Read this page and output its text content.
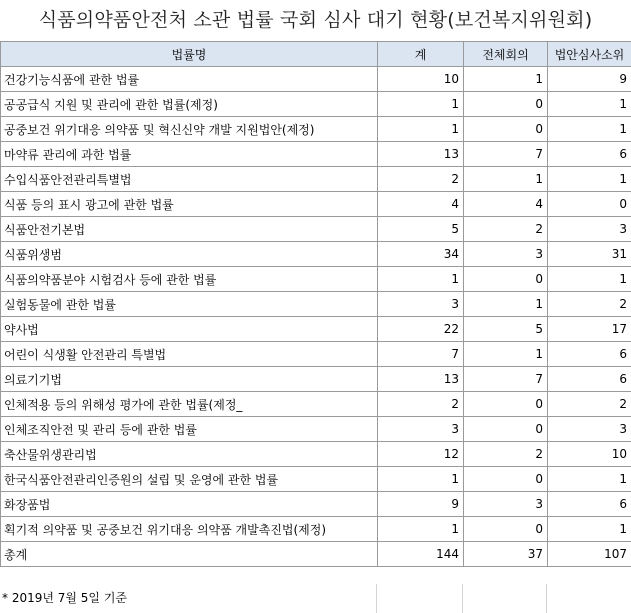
식품의약품안전처 소관 법률 국회 심사 대기 현황(보건복지위원회)
법률명	계	전체회의	법안심사소위
건강기능식품에 관한 법률	10	1	9
공공급식 지원 및 관리에 관한 법률(제정)	1	0	1
공중보건 위기대응 의약품 및 혁신신약 개발 지원법안(제정)	1	0	1
마약류 관리에 과한 법률	13	7	6
수입식품안전관리특별법	2	1	1
식품 등의 표시 광고에 관한 법률	4	4	0
식품안전기본법	5	2	3
식품위생범	34	3	31
식품의약품분야 시험검사 등에 관한 법률	1	0	1
실험동물에 관한 법률	3	1	2
약사법	22	5	17
어린이 식생활 안전관리 특별법	7	1	6
의료기기법	13	7	6
인체적용 등의 위해성 평가에 관한 법률(제정_	2	0	2
인체조직안전 및 관리 등에 관한 법률	3	0	3
축산물위생관리법	12	2	10
한국식품안전관리인증원의 설립 및 운영에 관한 법률	1	0	1
화장품법	9	3	6
획기적 의약품 및 공중보건 위기대응 의약품 개발촉진법(제정)	1	0	1
총계	144	37	107
* 2019년 7월 5일 기준
